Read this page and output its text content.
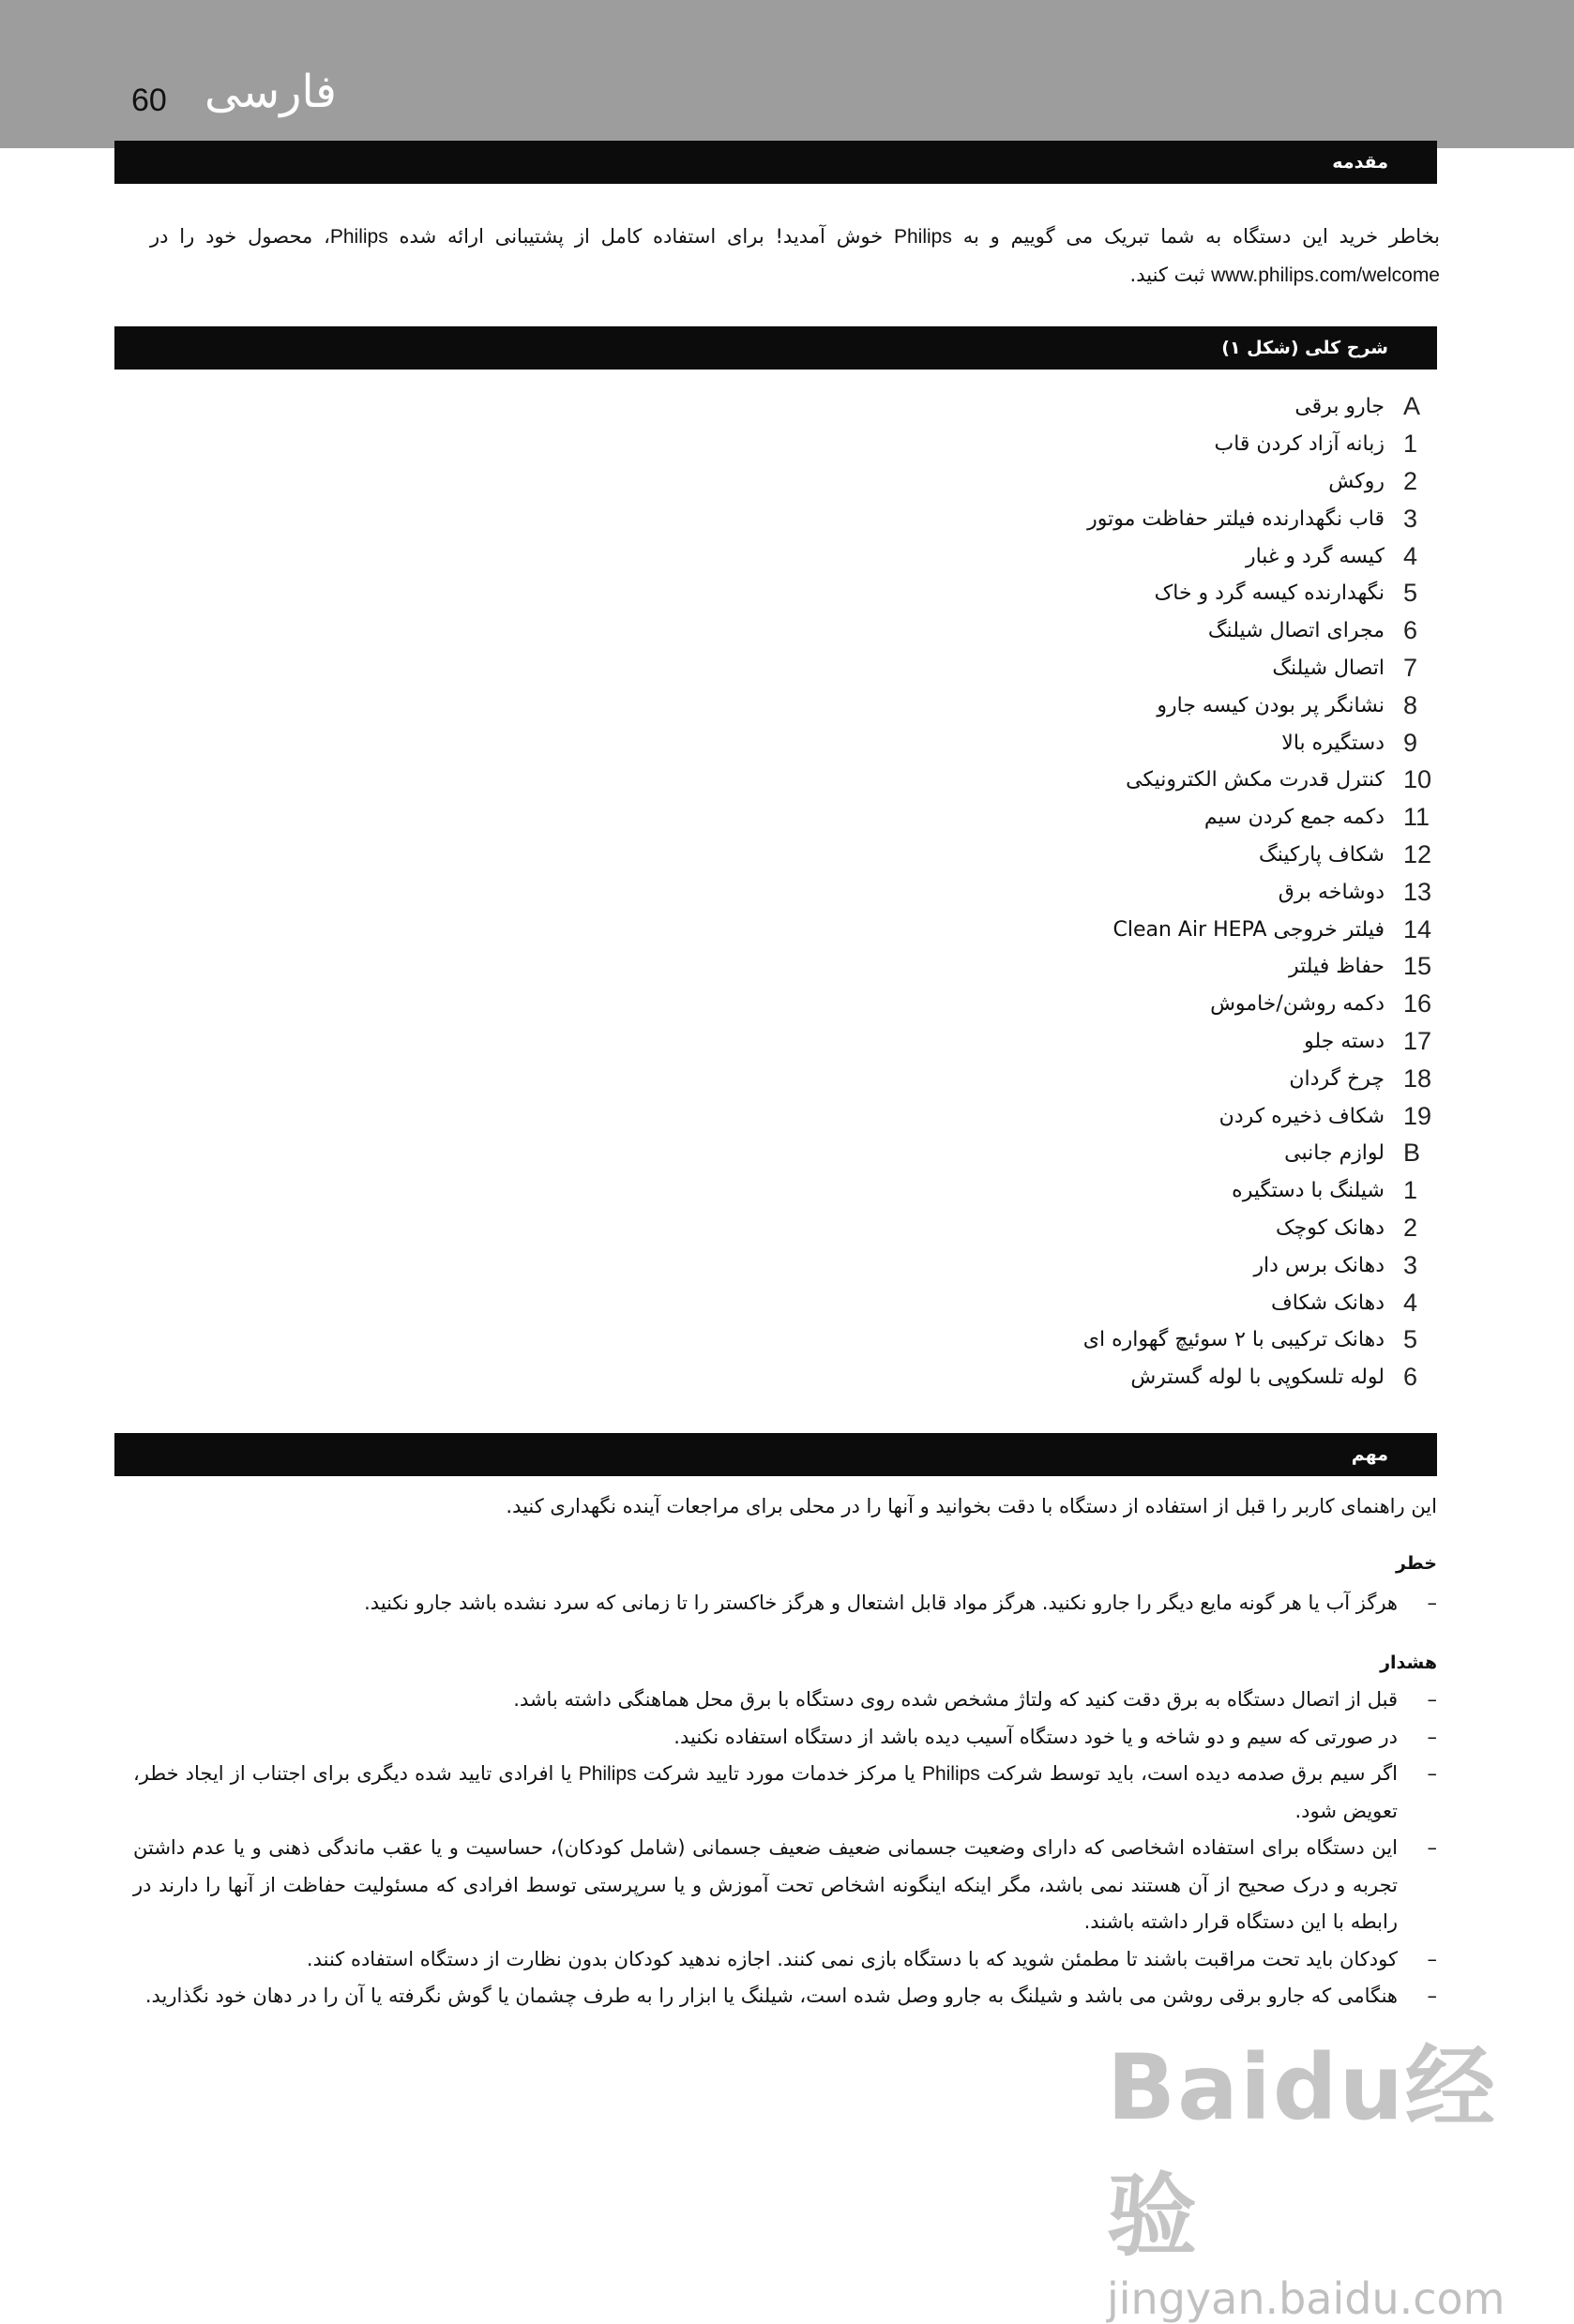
60 فارسی
مقدمه
بخاطر خرید این دستگاه به شما تبریک می گوییم و به Philips خوش آمدید! برای استفاده کامل از پشتیبانی ارائه شده Philips، محصول خود را در www.philips.com/welcome ثبت کنید.
شرح کلی (شکل ۱)
A
جارو برقی
1
زبانه آزاد کردن قاب
2
روکش
3
قاب نگهدارنده فیلتر حفاظت موتور
4
کیسه گرد و غبار
5
نگهدارنده کیسه گرد و خاک
6
مجرای اتصال شیلنگ
7
اتصال شیلنگ
8
نشانگر پر بودن کیسه جارو
9
دستگیره بالا
10
کنترل قدرت مکش الکترونیکی
11
دکمه جمع کردن سیم
12
شکاف پارکینگ
13
دوشاخه برق
14
فیلتر خروجی Clean Air HEPA
15
حفاظ فیلتر
16
دکمه روشن/خاموش
17
دسته جلو
18
چرخ گردان
19
شکاف ذخیره کردن
B
لوازم جانبی
1
شیلنگ با دستگیره
2
دهانک کوچک
3
دهانک برس دار
4
دهانک شکاف
5
دهانک ترکیبی با ۲ سوئیچ گهواره ای
6
لوله تلسکوپی با لوله گسترش
مهم
این راهنمای کاربر را قبل از استفاده از دستگاه با دقت بخوانید و آنها را در محلی برای مراجعات آینده نگهداری کنید.
خطر
–
هرگز آب یا هر گونه مایع دیگر را جارو نکنید. هرگز مواد قابل اشتعال و هرگز خاکستر را تا زمانی که سرد نشده باشد جارو نکنید.
هشدار
–
قبل از اتصال دستگاه به برق دقت کنید که ولتاژ مشخص شده روی دستگاه با برق محل هماهنگی داشته باشد.
–
در صورتی که سیم و دو شاخه و یا خود دستگاه آسیب دیده باشد از دستگاه استفاده نکنید.
–
اگر سیم برق صدمه دیده است، باید توسط شرکت Philips یا مرکز خدمات مورد تایید شرکت Philips یا افرادی تایید شده دیگری برای اجتناب از ایجاد خطر، تعویض شود.
–
این دستگاه برای استفاده اشخاصی که دارای وضعیت جسمانی ضعیف ضعیف جسمانی (شامل کودکان)، حساسیت و یا عقب ماندگی ذهنی و یا عدم داشتن تجربه و درک صحیح از آن هستند نمی باشد، مگر اینکه اینگونه اشخاص تحت آموزش و یا سرپرستی توسط افرادی که مسئولیت حفاظت از آنها را دارند در رابطه با این دستگاه قرار داشته باشند.
–
کودکان باید تحت مراقبت باشند تا مطمئن شوید که با دستگاه بازی نمی کنند. اجازه ندهید کودکان بدون نظارت از دستگاه استفاده کنند.
–
هنگامی که جارو برقی روشن می باشد و شیلنگ به جارو وصل شده است، شیلنگ یا ابزار را به طرف چشمان یا گوش نگرفته یا آن را در دهان خود نگذارید.
Baidu经验
jingyan.baidu.com
